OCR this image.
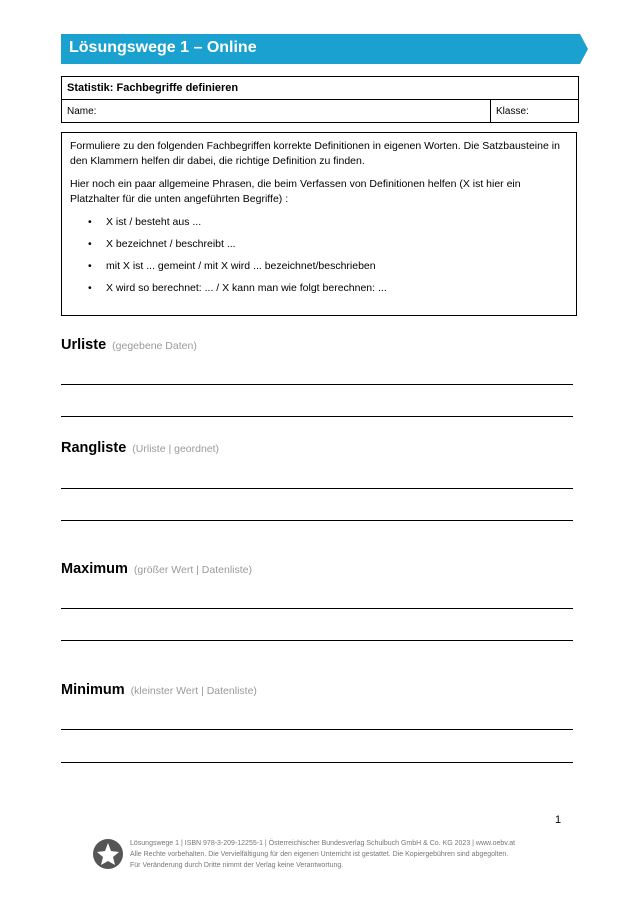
Lösungswege 1 – Online
Statistik: Fachbegriffe definieren
Name:	Klasse:

Formuliere zu den folgenden Fachbegriffen korrekte Definitionen in eigenen Worten. Die Satzbausteine in den Klammern helfen dir dabei, die richtige Definition zu finden.

Hier noch ein paar allgemeine Phrasen, die beim Verfassen von Definitionen helfen (X ist hier ein Platzhalter für die unten angeführten Begriffe) :

• X ist / besteht aus ...
• X bezeichnet / beschreibt ...
• mit X ist ... gemeint / mit X wird ... bezeichnet/beschrieben
• X wird so berechnet: ... / X kann man wie folgt berechnen: ...
Urliste (gegebene Daten)
Rangliste (Urliste | geordnet)
Maximum (größer Wert | Datenliste)
Minimum (kleinster Wert | Datenliste)
1
Lösungswege 1 | ISBN 978-3-209-12255-1 | Österreichischer Bundesverlag Schulbuch GmbH & Co. KG 2023 | www.oebv.at
Alle Rechte vorbehalten. Die Vervielfältigung für den eigenen Unterricht ist gestattet. Die Kopiergebühren sind abgegolten.
Für Veränderung durch Dritte nimmt der Verlag keine Verantwortung.
